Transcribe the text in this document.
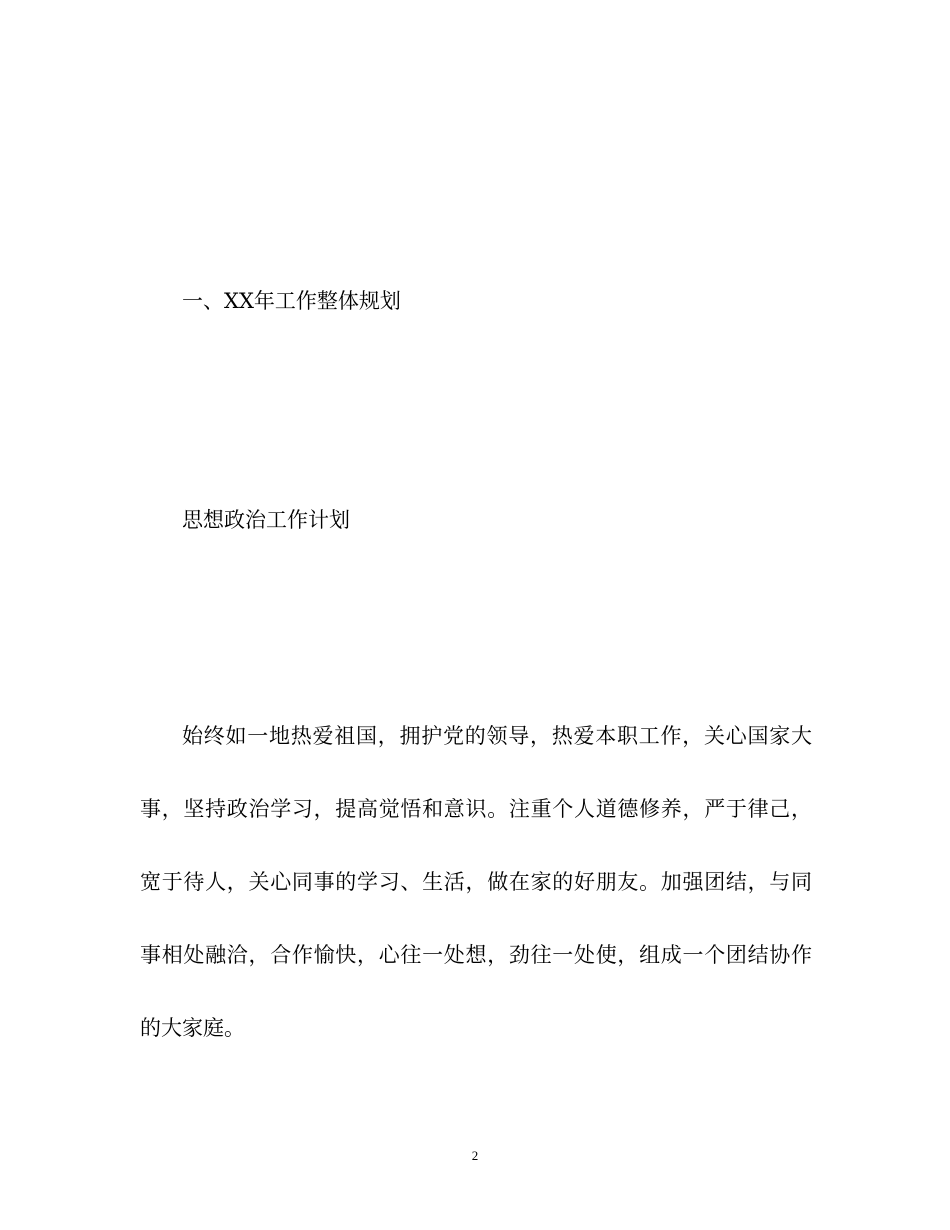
一、XX年工作整体规划
思想政治工作计划
始终如一地热爱祖国，拥护党的领导，热爱本职工作，关心国家大
事，坚持政治学习，提高觉悟和意识。注重个人道德修养，严于律己，
宽于待人，关心同事的学习、生活，做在家的好朋友。加强团结，与同
事相处融洽，合作愉快，心往一处想，劲往一处使，组成一个团结协作
的大家庭。
2
